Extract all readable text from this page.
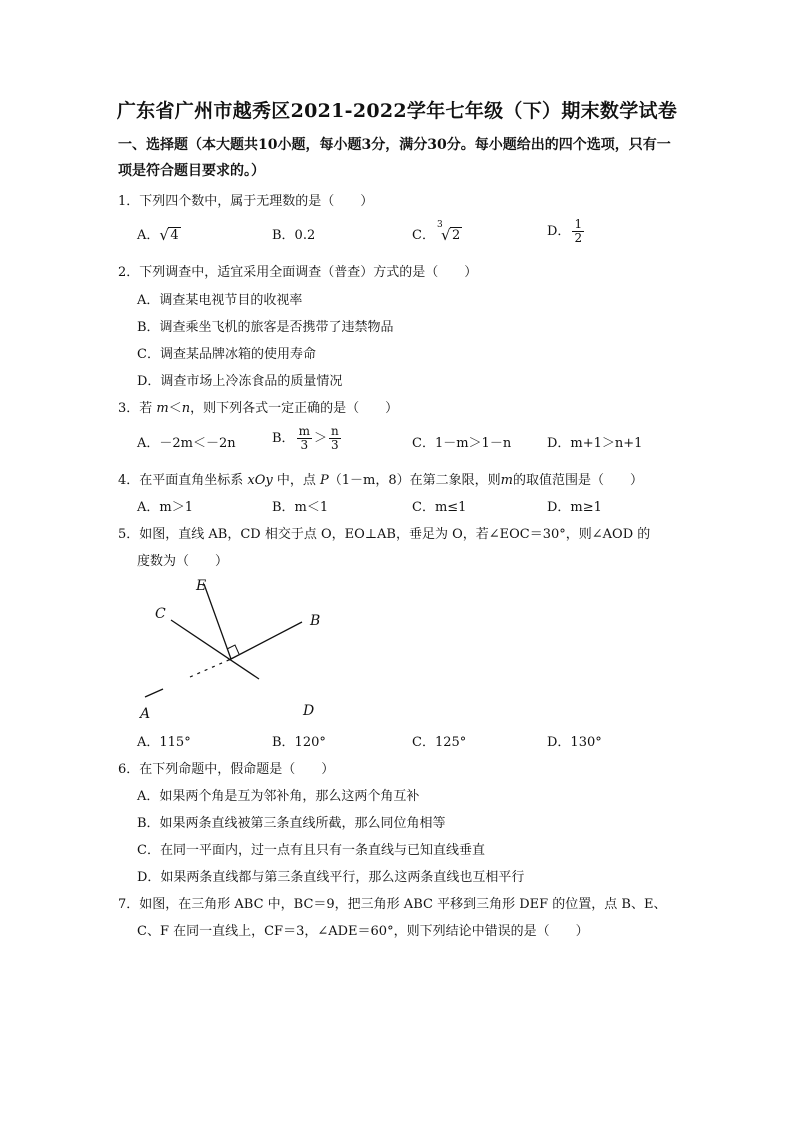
广东省广州市越秀区2021-2022学年七年级（下）期末数学试卷
一、选择题（本大题共10小题，每小题3分，满分30分。每小题给出的四个选项，只有一项是符合题目要求的。）
1．下列四个数中，属于无理数的是（　　）
A． √ 4	B．0.2	C．
3
√ 2	D． $\frac{1}{2}$
2．下列调查中，适宜采用全面调查（普查）方式的是（　　）
A．调查某电视节目的收视率
B．调查乘坐飞机的旅客是否携带了违禁物品
C．调查某品牌冰箱的使用寿命
D．调查市场上冷冻食品的质量情况
3．若 m＜n，则下列各式一定正确的是（　　）
A．－2m＜－2n	B． $\frac{m}{3} > \frac{n}{3}$	C．1－m＞1－n	D．m+1＞n+1
4．在平面直角坐标系 xOy 中，点 P（1－m，8）在第二象限，则m的取值范围是（　　）
A．m＞1	B．m＜1	C．m≤1	D．m≥1
5．如图，直线 AB，CD 相交于点 O，EO⊥AB，垂足为 O，若∠EOC＝30°，则∠AOD 的
度数为（　　）
E
C	B
A	D
A．115°	B．120°	C．125°	D．130°
6．在下列命题中，假命题是（　　）
A．如果两个角是互为邻补角，那么这两个角互补
B．如果两条直线被第三条直线所截，那么同位角相等
C．在同一平面内，过一点有且只有一条直线与已知直线垂直
D．如果两条直线都与第三条直线平行，那么这两条直线也互相平行
7．如图，在三角形 ABC 中，BC＝9，把三角形 ABC 平移到三角形 DEF 的位置，点 B、E、
C、F 在同一直线上，CF＝3，∠ADE＝60°，则下列结论中错误的是（　　）
